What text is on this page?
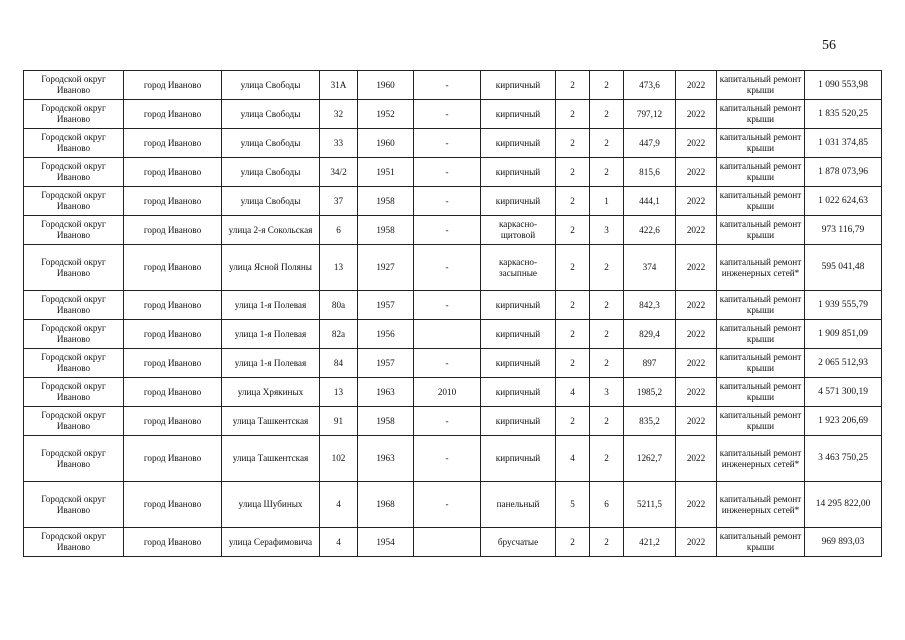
56
Городской округ Иваново	город Иваново	улица Свободы	31А	1960	-	кирпичный	2	2	473,6	2022	капитальный ремонт крыши	1 090 553,98
Городской округ Иваново	город Иваново	улица Свободы	32	1952	-	кирпичный	2	2	797,12	2022	капитальный ремонт крыши	1 835 520,25
Городской округ Иваново	город Иваново	улица Свободы	33	1960	-	кирпичный	2	2	447,9	2022	капитальный ремонт крыши	1 031 374,85
Городской округ Иваново	город Иваново	улица Свободы	34/2	1951	-	кирпичный	2	2	815,6	2022	капитальный ремонт крыши	1 878 073,96
Городской округ Иваново	город Иваново	улица Свободы	37	1958	-	кирпичный	2	1	444,1	2022	капитальный ремонт крыши	1 022 624,63
Городской округ Иваново	город Иваново	улица 2-я Сокольская	6	1958	-	каркасно-щитовой	2	3	422,6	2022	капитальный ремонт крыши	973 116,79
Городской округ Иваново	город Иваново	улица Ясной Поляны	13	1927	-	каркасно-засыпные	2	2	374	2022	капитальный ремонт инженерных сетей*	595 041,48
Городской округ Иваново	город Иваново	улица 1-я Полевая	80а	1957	-	кирпичный	2	2	842,3	2022	капитальный ремонт крыши	1 939 555,79
Городской округ Иваново	город Иваново	улица 1-я Полевая	82а	1956		кирпичный	2	2	829,4	2022	капитальный ремонт крыши	1 909 851,09
Городской округ Иваново	город Иваново	улица 1-я Полевая	84	1957	-	кирпичный	2	2	897	2022	капитальный ремонт крыши	2 065 512,93
Городской округ Иваново	город Иваново	улица Хрякиных	13	1963	2010	кирпичный	4	3	1985,2	2022	капитальный ремонт крыши	4 571 300,19
Городской округ Иваново	город Иваново	улица Ташкентская	91	1958	-	кирпичный	2	2	835,2	2022	капитальный ремонт крыши	1 923 206,69
Городской округ Иваново	город Иваново	улица Ташкентская	102	1963	-	кирпичный	4	2	1262,7	2022	капитальный ремонт инженерных сетей*	3 463 750,25
Городской округ Иваново	город Иваново	улица Шубиных	4	1968	-	панельный	5	6	5211,5	2022	капитальный ремонт инженерных сетей*	14 295 822,00
Городской округ Иваново	город Иваново	улица Серафимовича	4	1954		брусчатые	2	2	421,2	2022	капитальный ремонт крыши	969 893,03
